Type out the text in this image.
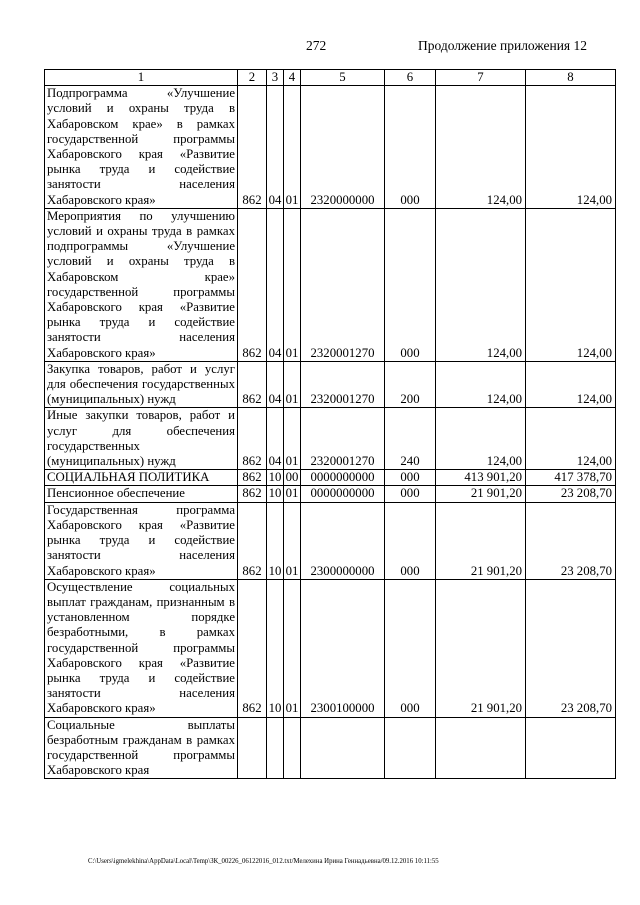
272	Продолжение приложения 12
1	2	3	4	5	6	7	8
Подпрограмма «Улучшение условий и охраны труда в Хабаровском крае» в рамках государственной программы Хабаровского края «Развитие рынка труда и содействие занятости населения Хабаровского края»	862	04	01	2320000000	000	124,00	124,00
Мероприятия по улучшению условий и охраны труда в рамках подпрограммы «Улучшение условий и охраны труда в Хабаровском крае» государственной программы Хабаровского края «Развитие рынка труда и содействие занятости населения Хабаровского края»	862	04	01	2320001270	000	124,00	124,00
Закупка товаров, работ и услуг для обеспечения государственных (муниципальных) нужд	862	04	01	2320001270	200	124,00	124,00
Иные закупки товаров, работ и услуг для обеспечения государственных (муниципальных) нужд	862	04	01	2320001270	240	124,00	124,00
СОЦИАЛЬНАЯ ПОЛИТИКА	862	10	00	0000000000	000	413 901,20	417 378,70
Пенсионное обеспечение	862	10	01	0000000000	000	21 901,20	23 208,70
Государственная программа Хабаровского края «Развитие рынка труда и содействие занятости населения Хабаровского края»	862	10	01	2300000000	000	21 901,20	23 208,70
Осуществление социальных выплат гражданам, признанным в установленном порядке безработными, в рамках государственной программы Хабаровского края «Развитие рынка труда и содействие занятости населения Хабаровского края»	862	10	01	2300100000	000	21 901,20	23 208,70
Социальные выплаты безработным гражданам в рамках государственной программы Хабаровского края							
C:\Users\igmelekhina\AppData\Local\Temp\ЗК_00226_06122016_012.txt/Мелехина Ирина Геннадьевна/09.12.2016 10:11:55
